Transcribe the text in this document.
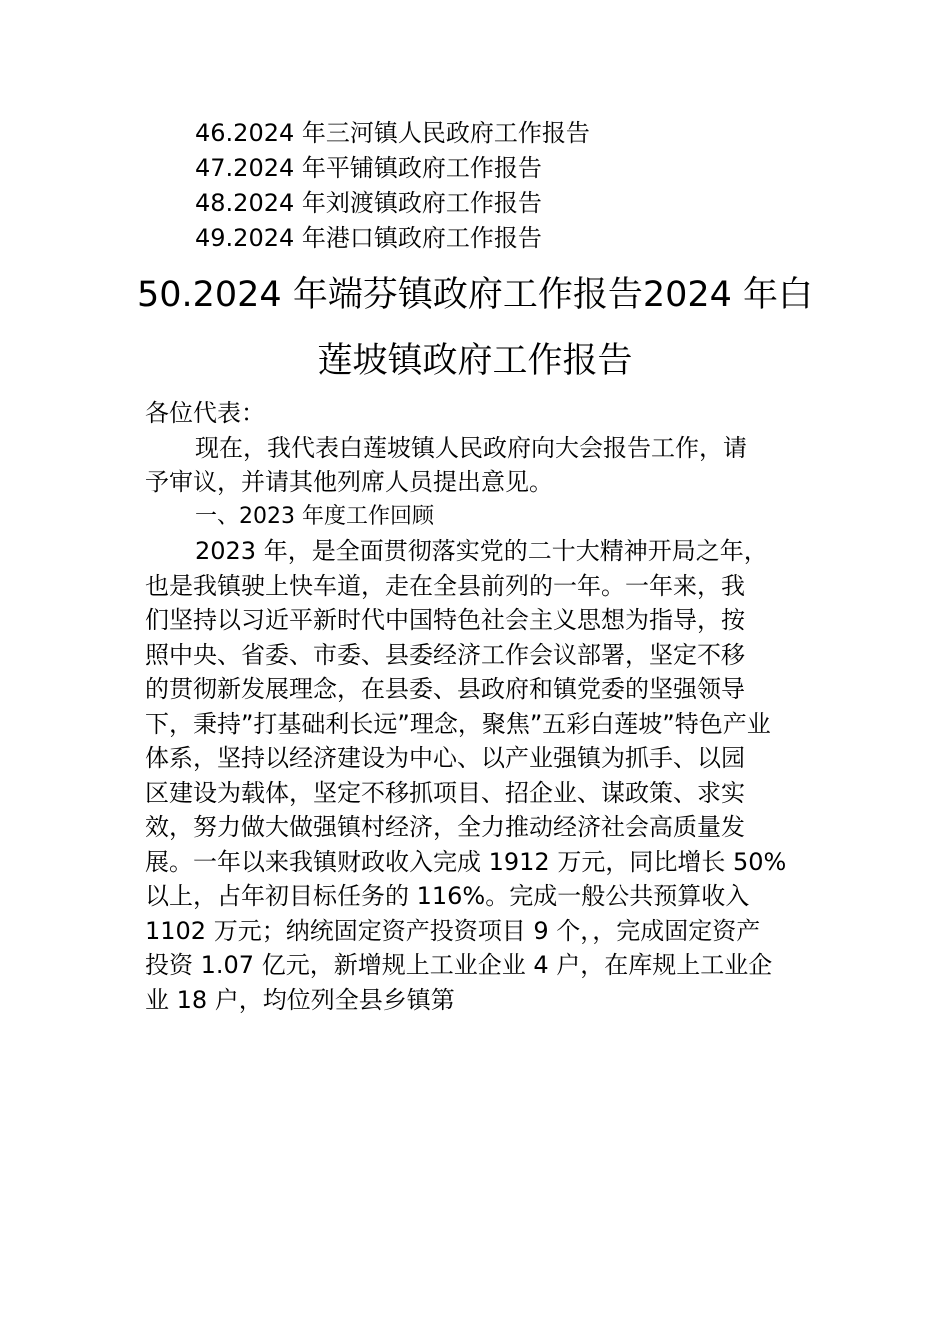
46.2024 年三河镇人民政府工作报告
47.2024 年平铺镇政府工作报告
48.2024 年刘渡镇政府工作报告
49.2024 年港口镇政府工作报告
50.2024 年端芬镇政府工作报告2024 年白
莲坡镇政府工作报告
各位代表：
现在，我代表白莲坡镇人民政府向大会报告工作，请
予审议，并请其他列席人员提出意见。
一、2023 年度工作回顾
2023 年，是全面贯彻落实党的二十大精神开局之年，
也是我镇驶上快车道，走在全县前列的一年。一年来，我
们坚持以习近平新时代中国特色社会主义思想为指导，按
照中央、省委、市委、县委经济工作会议部署，坚定不移
的贯彻新发展理念，在县委、县政府和镇党委的坚强领导
下，秉持”打基础利长远”理念，聚焦”五彩白莲坡”特色产业
体系，坚持以经济建设为中心、以产业强镇为抓手、以园
区建设为载体，坚定不移抓项目、招企业、谋政策、求实
效，努力做大做强镇村经济，全力推动经济社会高质量发
展。一年以来我镇财政收入完成 1912 万元，同比增长 50%
以上，占年初目标任务的 116%。完成一般公共预算收入
1102 万元；纳统固定资产投资项目 9 个，，完成固定资产
投资 1.07 亿元，新增规上工业企业 4 户，在库规上工业企
业 18 户，均位列全县乡镇第
